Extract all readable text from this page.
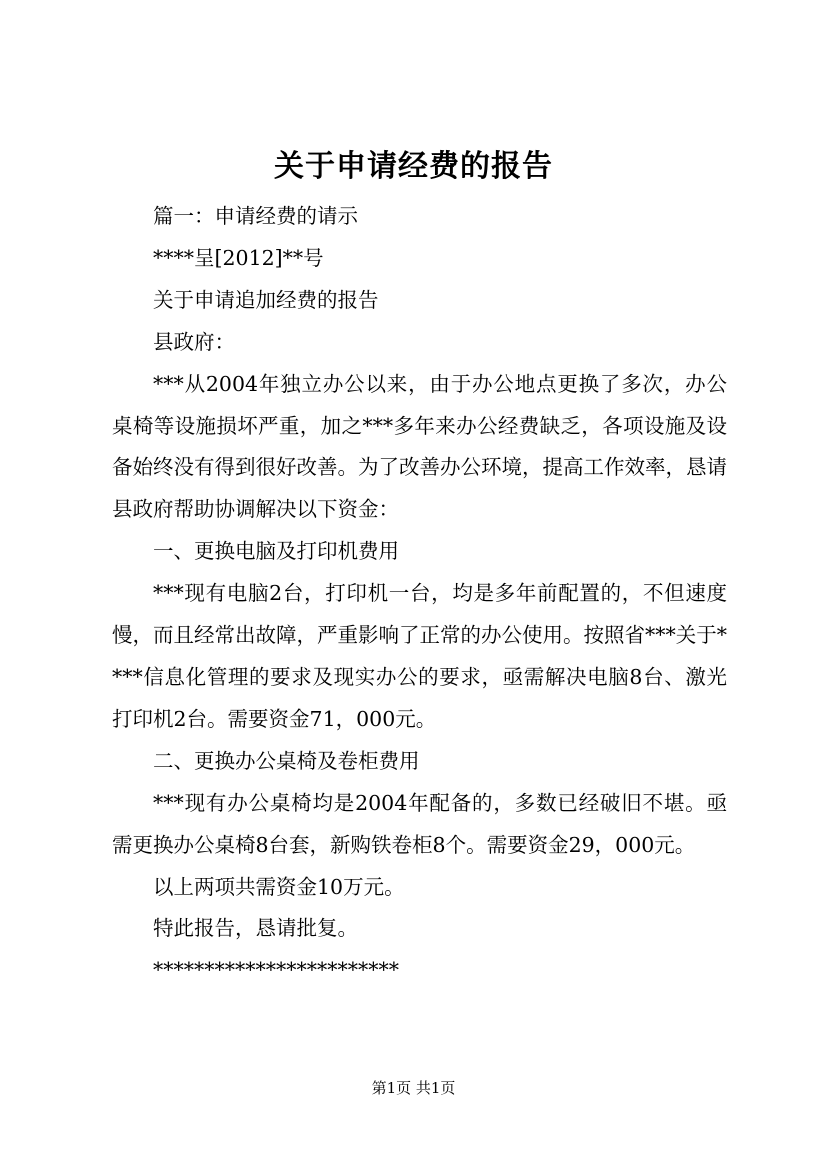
关于申请经费的报告

篇一：申请经费的请示

****呈[2012]**号

关于申请追加经费的报告

县政府：

***从2004年独立办公以来，由于办公地点更换了多次，办公桌椅等设施损坏严重，加之***多年来办公经费缺乏，各项设施及设备始终没有得到很好改善。为了改善办公环境，提高工作效率，恳请县政府帮助协调解决以下资金：

一、更换电脑及打印机费用

***现有电脑2台，打印机一台，均是多年前配置的，不但速度慢，而且经常出故障，严重影响了正常的办公使用。按照省***关于****信息化管理的要求及现实办公的要求，亟需解决电脑8台、激光打印机2台。需要资金71，000元。

二、更换办公桌椅及卷柜费用

***现有办公桌椅均是2004年配备的，多数已经破旧不堪。亟需更换办公桌椅8台套，新购铁卷柜8个。需要资金29，000元。

以上两项共需资金10万元。

特此报告，恳请批复。

************************

第1页 共1页
